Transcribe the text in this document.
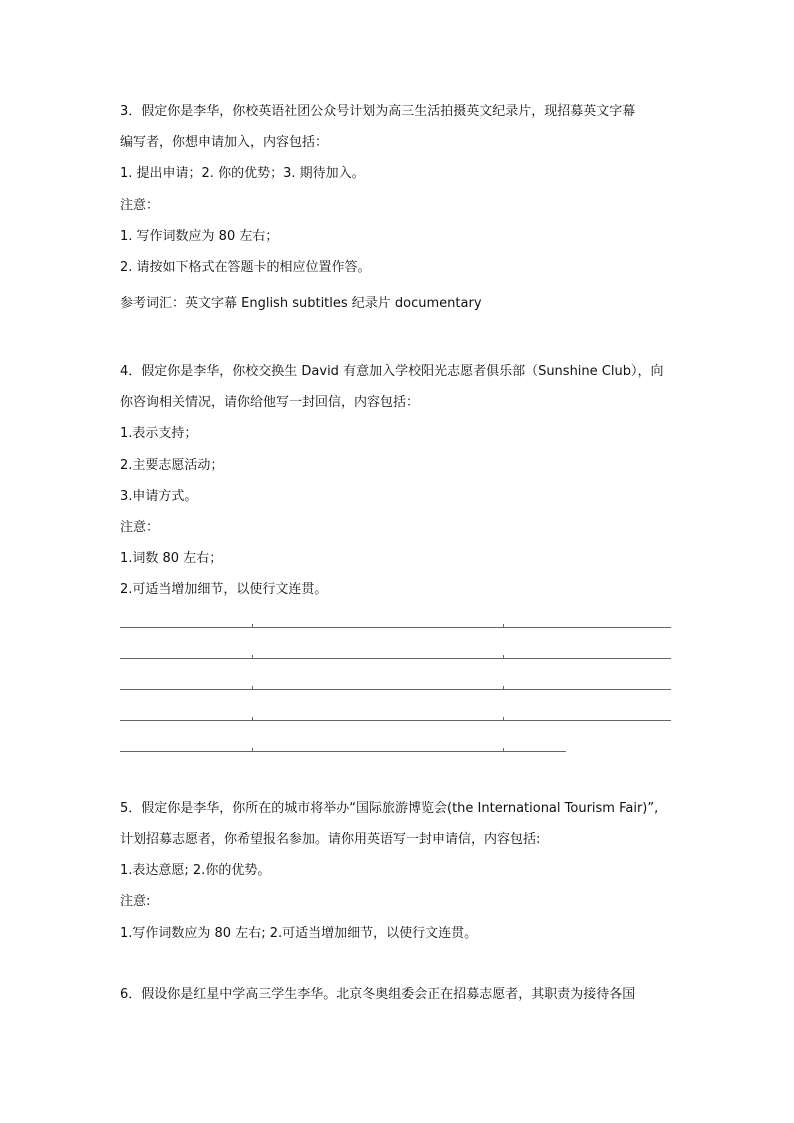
3．假定你是李华，你校英语社团公众号计划为高三生活拍摄英文纪录片，现招募英文字幕
编写者，你想申请加入，内容包括：
1. 提出申请；2. 你的优势；3. 期待加入。
注意：
1. 写作词数应为 80 左右；
2. 请按如下格式在答题卡的相应位置作答。
参考词汇：英文字幕 English subtitles 纪录片 documentary
4．假定你是李华，你校交换生 David 有意加入学校阳光志愿者俱乐部（Sunshine Club），向
你咨询相关情况，请你给他写一封回信，内容包括：
1.表示支持；
2.主要志愿活动；
3.申请方式。
注意：
1.词数 80 左右；
2.可适当增加细节，以使行文连贯。
5．假定你是李华，你所在的城市将举办“国际旅游博览会(the International Tourism Fair)”,
计划招募志愿者，你希望报名参加。请你用英语写一封申请信，内容包括:
1.表达意愿; 2.你的优势。
注意:
1.写作词数应为 80 左右; 2.可适当增加细节，以使行文连贯。
6．假设你是红星中学高三学生李华。北京冬奥组委会正在招募志愿者，其职责为接待各国
